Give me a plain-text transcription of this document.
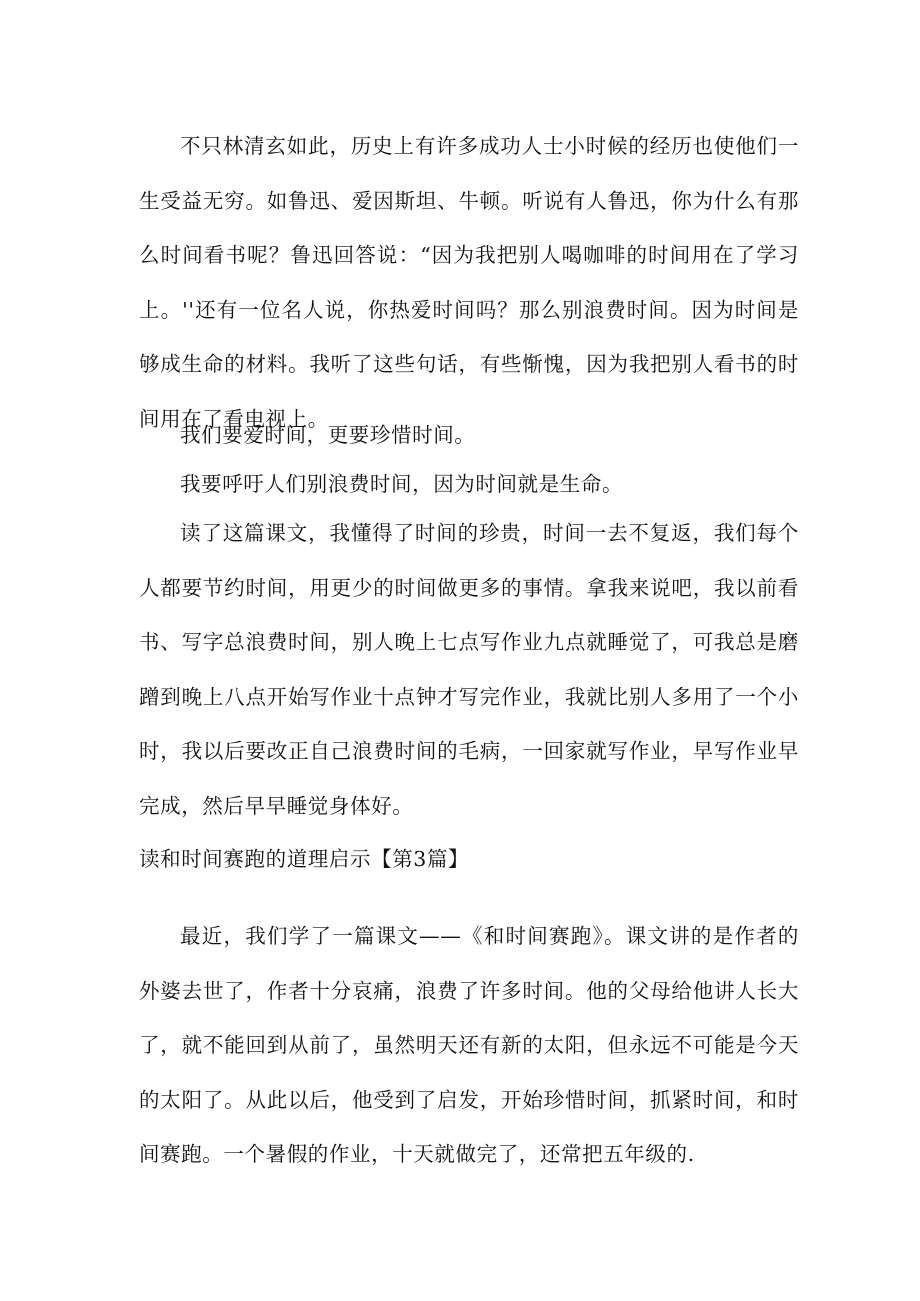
不只林清玄如此，历史上有许多成功人士小时候的经历也使他们一生受益无穷。如鲁迅、爱因斯坦、牛顿。听说有人鲁迅，你为什么有那么时间看书呢？鲁迅回答说：“因为我把别人喝咖啡的时间用在了学习上。''还有一位名人说，你热爱时间吗？那么别浪费时间。因为时间是够成生命的材料。我听了这些句话，有些惭愧，因为我把别人看书的时间用在了看电视上。

我们要爱时间，更要珍惜时间。

我要呼吁人们别浪费时间，因为时间就是生命。

读了这篇课文，我懂得了时间的珍贵，时间一去不复返，我们每个人都要节约时间，用更少的时间做更多的事情。拿我来说吧，我以前看书、写字总浪费时间，别人晚上七点写作业九点就睡觉了，可我总是磨蹭到晚上八点开始写作业十点钟才写完作业，我就比别人多用了一个小时，我以后要改正自己浪费时间的毛病，一回家就写作业，早写作业早完成，然后早早睡觉身体好。

读和时间赛跑的道理启示【第3篇】

最近，我们学了一篇课文——《和时间赛跑》。课文讲的是作者的外婆去世了，作者十分哀痛，浪费了许多时间。他的父母给他讲人长大了，就不能回到从前了，虽然明天还有新的太阳，但永远不可能是今天的太阳了。从此以后，他受到了启发，开始珍惜时间，抓紧时间，和时间赛跑。一个暑假的作业，十天就做完了，还常把五年级的.
